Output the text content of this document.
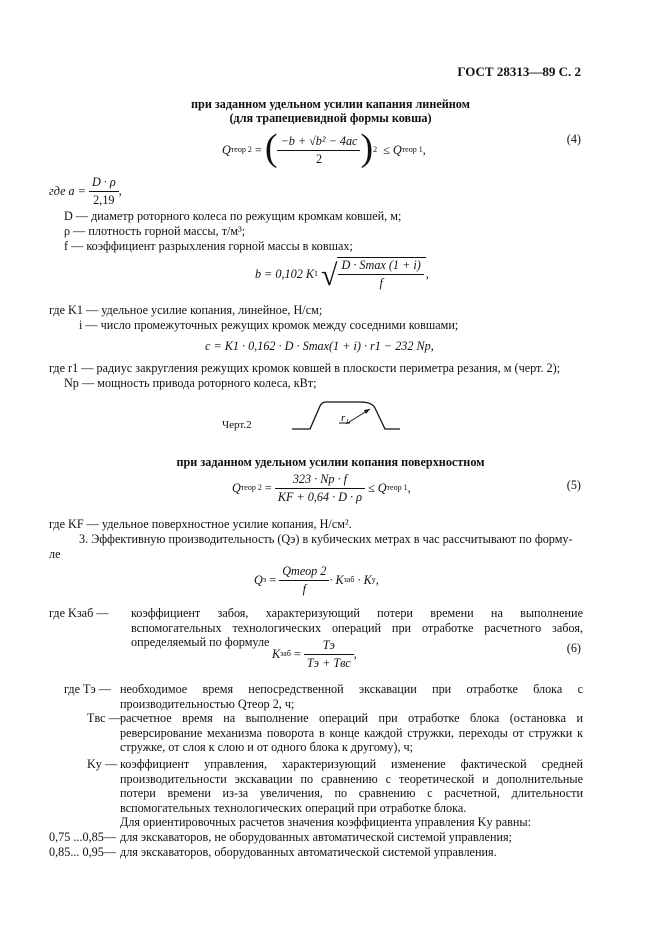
ГОСТ 28313—89 С. 2
при заданном удельном усилии капания линейном
(для трапециевидной формы ковша)
Q теор 2 = ( $\frac{\text{−b + √b² − 4ac}}{2}$ ) 2 ≤ Q теор 1 ,
(4)
где $a = \frac{D \cdot \rho}{2,19}$ ,
D — диаметр роторного колеса по режущим кромкам ковшей, м;
ρ — плотность горной массы, т/м³;
f — коэффициент разрыхления горной массы в ковшах;
b = 0,102 K 1 √ $\frac{D \cdot Smax (1 + i)}{f}$ ,
где K1 — удельное усилие копания, линейное, Н/см;
i — число промежуточных режущих кромок между соседними ковшами;
c = K1 · 0,162 · D · Smax(1 + i) · r1 − 232 Np,
где r1 — радиус закругления режущих кромок ковшей в плоскости периметра резания, м (черт. 2);
Np — мощность привода роторного колеса, кВт;
Черт.2
r₁
при заданном удельном усилии копания поверхностном
Q теор $2 = \frac{323 \cdot Np \cdot f}{KF + 0,64 \cdot D \cdot \rho} \le Q$ теор 1 ,	(5)
где KF — удельное поверхностное усилие копания, Н/см².
3. Эффективную производительность (Qэ) в кубических метрах в час рассчитывают по форму-
ле
Q $э = \frac{\text{Qтеор 2}}{f} \cdot K$ заб · K у ,
где Kзаб — коэффициент забоя, характеризующий потери времени на выполнение вспомогательных технологических операций при отработке расчетного забоя, определяемый по формуле
K заб = $\frac{Tэ}{\text{Tэ + Tвс}}$ ,	(6)
где Tэ — необходимое время непосредственной экскавации при отработке блока с производительностью Qтеор 2, ч;
Tвс — расчетное время на выполнение операций при отработке блока (остановка и реверсирование механизма поворота в конце каждой стружки, переходы от стружки к стружке, от слоя к слою и от одного блока к другому), ч;
Kу — коэффициент управления, характеризующий изменение фактической средней производительности экскавации по сравнению с теоретической и дополнительные потери времени из-за увеличения, по сравнению с расчетной, длительности вспомогательных технологических операций при отработке блока.
Для ориентировочных расчетов значения коэффициента управления Kу равны:
0,75 ...0,85— для экскаваторов, не оборудованных автоматической системой управления;
0,85... 0,95— для экскаваторов, оборудованных автоматической системой управления.
